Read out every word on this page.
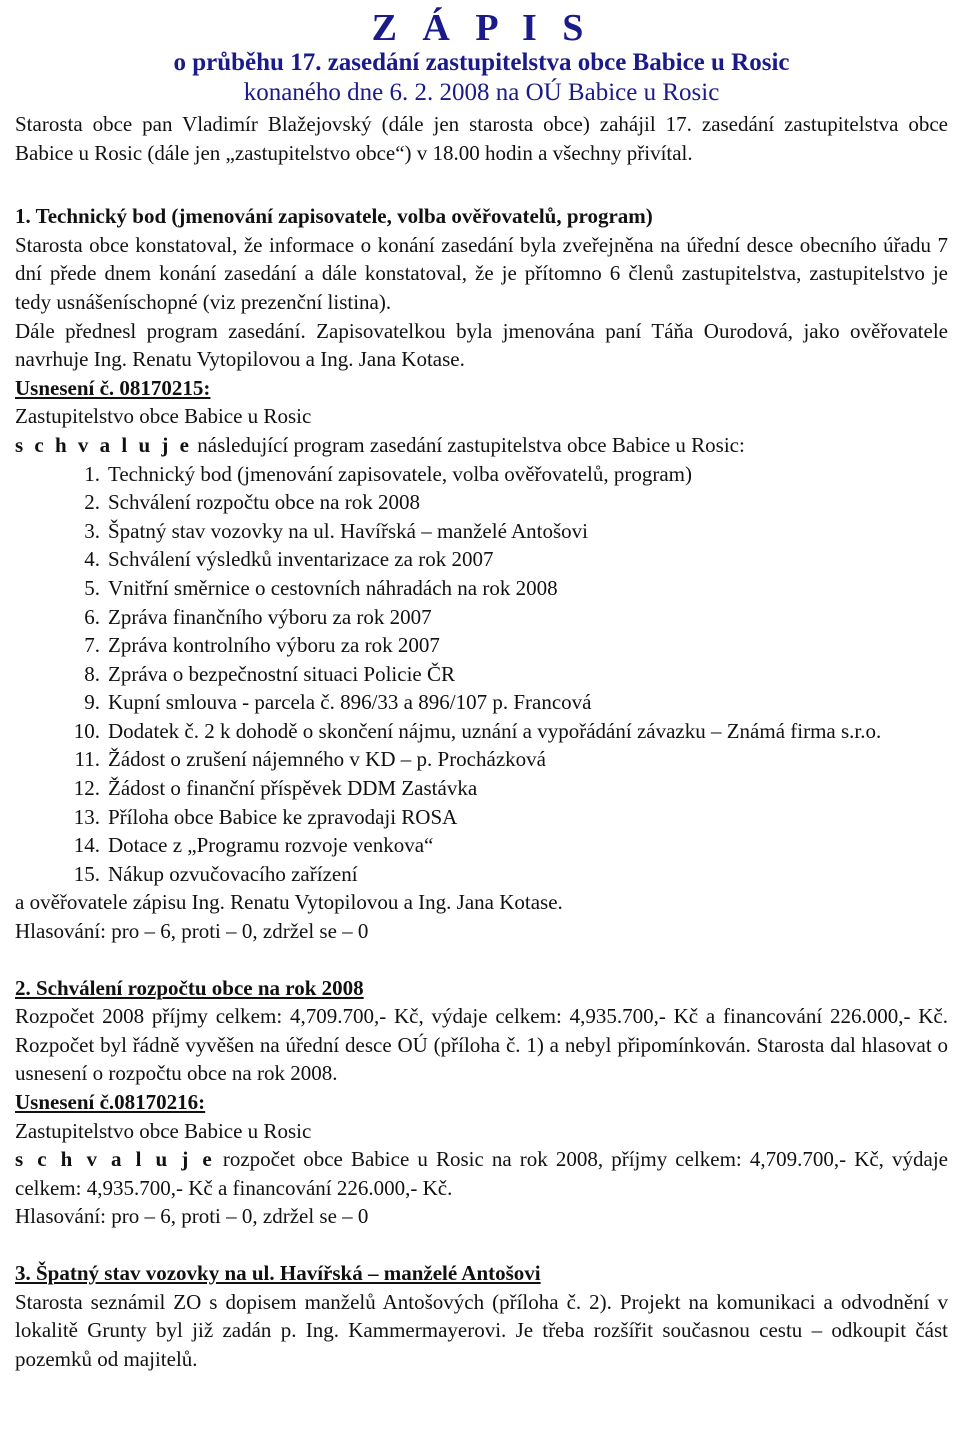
Z Á P I S
o průběhu 17. zasedání zastupitelstva obce Babice u Rosic
konaného dne 6. 2. 2008 na OÚ Babice u Rosic

Starosta obce pan Vladimír Blažejovský (dále jen starosta obce) zahájil 17. zasedání zastupitelstva obce Babice u Rosic (dále jen „zastupitelstvo obce“) v 18.00 hodin a všechny přivítal.

1. Technický bod (jmenování zapisovatele, volba ověřovatelů, program)

Starosta obce konstatoval, že informace o konání zasedání byla zveřejněna na úřední desce obecního úřadu 7 dní přede dnem konání zasedání a dále konstatoval, že je přítomno 6 členů zastupitelstva, zastupitelstvo je tedy usnášeníschopné (viz prezenční listina).

Dále přednesl program zasedání. Zapisovatelkou byla jmenována paní Táňa Ourodová, jako ověřovatele navrhuje Ing. Renatu Vytopilovou a Ing. Jana Kotase.

Usnesení č. 08170215:

Zastupitelstvo obce Babice u Rosic

s c h v a l u j e následující program zasedání zastupitelstva obce Babice u Rosic:

1. Technický bod (jmenování zapisovatele, volba ověřovatelů, program)
2. Schválení rozpočtu obce na rok 2008
3. Špatný stav vozovky na ul. Havířská – manželé Antošovi
4. Schválení výsledků inventarizace za rok 2007
5. Vnitřní směrnice o cestovních náhradách na rok 2008
6. Zpráva finančního výboru za rok 2007
7. Zpráva kontrolního výboru za rok 2007
8. Zpráva o bezpečnostní situaci Policie ČR
9. Kupní smlouva - parcela č. 896/33 a 896/107 p. Francová
10. Dodatek č. 2 k dohodě o skončení nájmu, uznání a vypořádání závazku – Známá firma s.r.o.
11. Žádost o zrušení nájemného v KD – p. Procházková
12. Žádost o finanční příspěvek DDM Zastávka
13. Příloha obce Babice ke zpravodaji ROSA
14. Dotace z „Programu rozvoje venkova“
15. Nákup ozvučovacího zařízení

a ověřovatele zápisu Ing. Renatu Vytopilovou a Ing. Jana Kotase.

Hlasování: pro – 6, proti – 0, zdržel se – 0

2. Schválení rozpočtu obce na rok 2008

Rozpočet 2008 příjmy celkem: 4,709.700,- Kč, výdaje celkem: 4,935.700,- Kč a financování 226.000,- Kč. Rozpočet byl řádně vyvěšen na úřední desce OÚ (příloha č. 1) a nebyl připomínkován. Starosta dal hlasovat o usnesení o rozpočtu obce na rok 2008.

Usnesení č.08170216:

Zastupitelstvo obce Babice u Rosic

s c h v a l u j e rozpočet obce Babice u Rosic na rok 2008, příjmy celkem: 4,709.700,- Kč, výdaje celkem: 4,935.700,- Kč a financování 226.000,- Kč.

Hlasování: pro – 6, proti – 0, zdržel se – 0

3. Špatný stav vozovky na ul. Havířská – manželé Antošovi

Starosta seznámil ZO s dopisem manželů Antošových (příloha č. 2). Projekt na komunikaci a odvodnění v lokalitě Grunty byl již zadán p. Ing. Kammermayerovi. Je třeba rozšířit současnou cestu – odkoupit část pozemků od majitelů.
